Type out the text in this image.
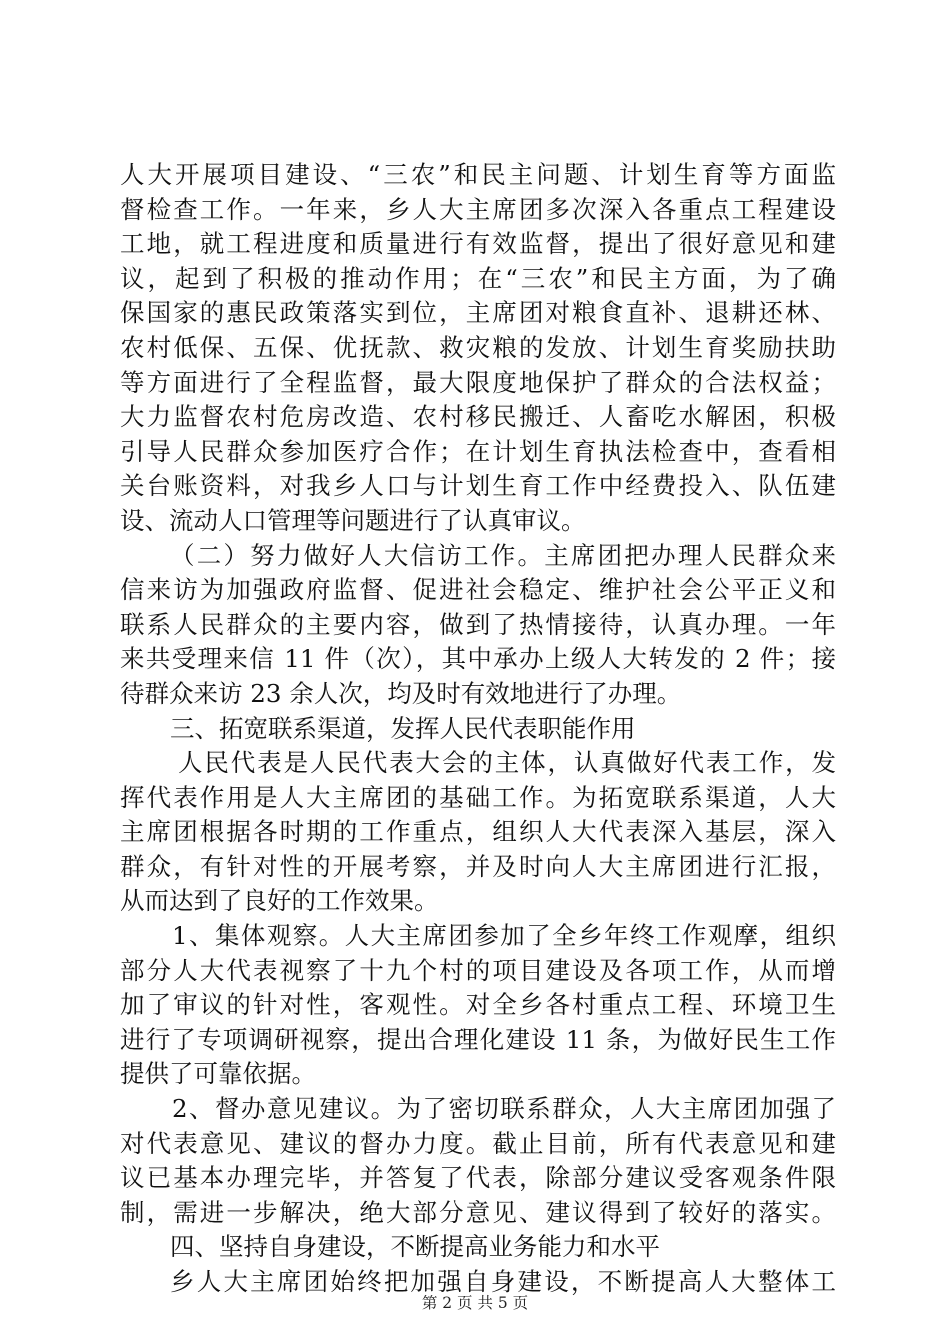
人大开展项目建设、“三农”和民主问题、计划生育等方面监
督检查工作。一年来，乡人大主席团多次深入各重点工程建设
工地，就工程进度和质量进行有效监督，提出了很好意见和建
议，起到了积极的推动作用；在“三农”和民主方面，为了确
保国家的惠民政策落实到位，主席团对粮食直补、退耕还林、
农村低保、五保、优抚款、救灾粮的发放、计划生育奖励扶助
等方面进行了全程监督，最大限度地保护了群众的合法权益；
大力监督农村危房改造、农村移民搬迁、人畜吃水解困，积极
引导人民群众参加医疗合作；在计划生育执法检查中，查看相
关台账资料，对我乡人口与计划生育工作中经费投入、队伍建
设、流动人口管理等问题进行了认真审议。
（二）努力做好人大信访工作。主席团把办理人民群众来
信来访为加强政府监督、促进社会稳定、维护社会公平正义和
联系人民群众的主要内容，做到了热情接待，认真办理。一年
来共受理来信 11 件（次），其中承办上级人大转发的 2 件；接
待群众来访 23 余人次，均及时有效地进行了办理。
三、拓宽联系渠道，发挥人民代表职能作用
人民代表是人民代表大会的主体，认真做好代表工作，发
挥代表作用是人大主席团的基础工作。为拓宽联系渠道，人大
主席团根据各时期的工作重点，组织人大代表深入基层，深入
群众，有针对性的开展考察，并及时向人大主席团进行汇报，
从而达到了良好的工作效果。
1、集体观察。人大主席团参加了全乡年终工作观摩，组织
部分人大代表视察了十九个村的项目建设及各项工作，从而增
加了审议的针对性，客观性。对全乡各村重点工程、环境卫生
进行了专项调研视察，提出合理化建设 11 条，为做好民生工作
提供了可靠依据。
2、督办意见建议。为了密切联系群众，人大主席团加强了
对代表意见、建议的督办力度。截止目前，所有代表意见和建
议已基本办理完毕，并答复了代表，除部分建议受客观条件限
制，需进一步解决，绝大部分意见、建议得到了较好的落实。
四、坚持自身建设，不断提高业务能力和水平
乡人大主席团始终把加强自身建设，不断提高人大整体工
第 2 页 共 5 页
